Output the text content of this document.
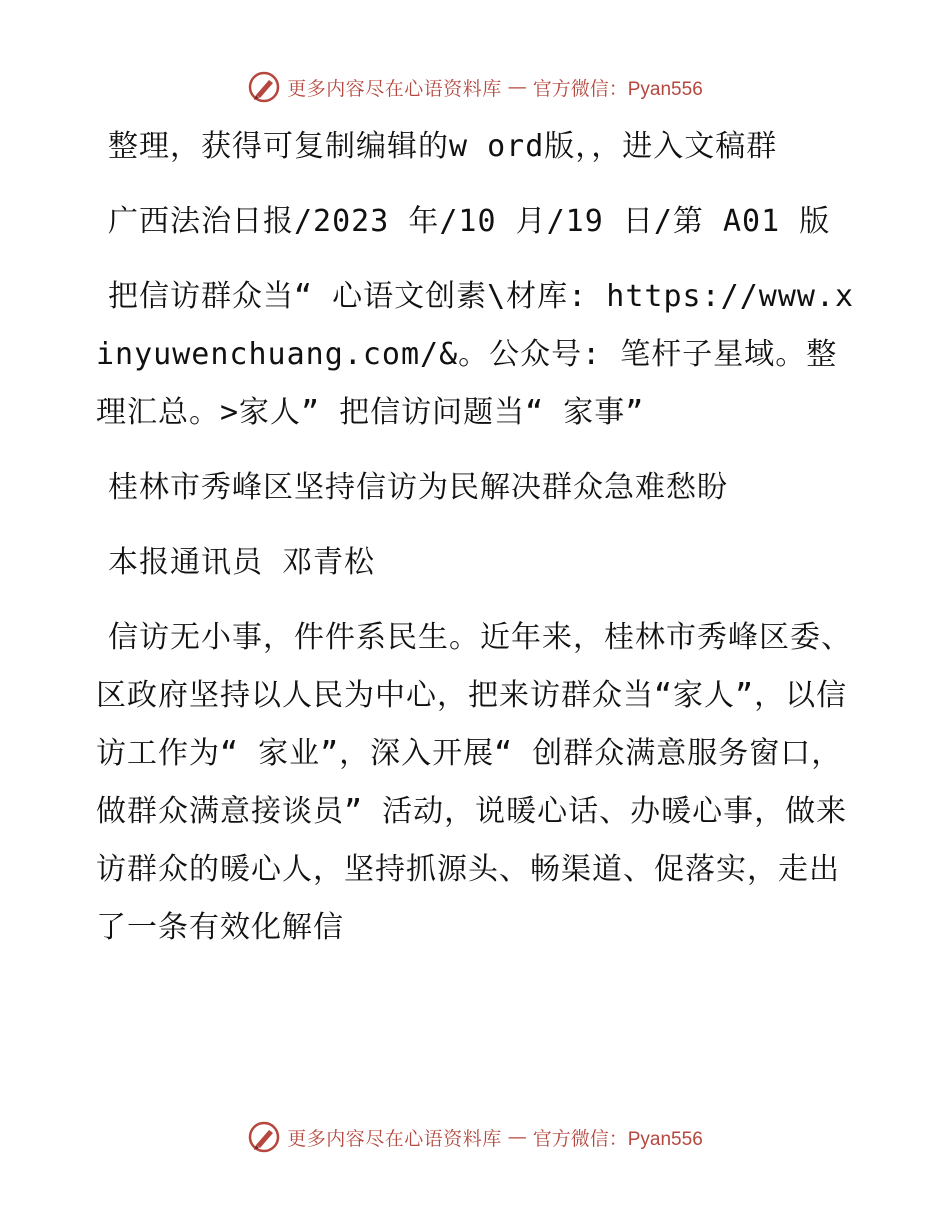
更多内容尽在心语资料库 — 官方微信：Pyan556

整理，获得可复制编辑的w ord版，，进入文稿群

广西法治日报/2023 年/10 月/19 日/第 A01 版

把信访群众当“ 心语文创素\材库: https://www.xinyuwenchuang.com/&。公众号: 笔杆子星域。整理汇总。>家人” 把信访问题当“ 家事”

桂林市秀峰区坚持信访为民解决群众急难愁盼

本报通讯员 邓青松

信访无小事，件件系民生。近年来，桂林市秀峰区委、区政府坚持以人民为中心，把来访群众当“家人”，以信访工作为“ 家业”，深入开展“ 创群众满意服务窗口，做群众满意接谈员” 活动，说暖心话、办暖心事，做来访群众的暖心人，坚持抓源头、畅渠道、促落实，走出了一条有效化解信

更多内容尽在心语资料库 — 官方微信：Pyan556
